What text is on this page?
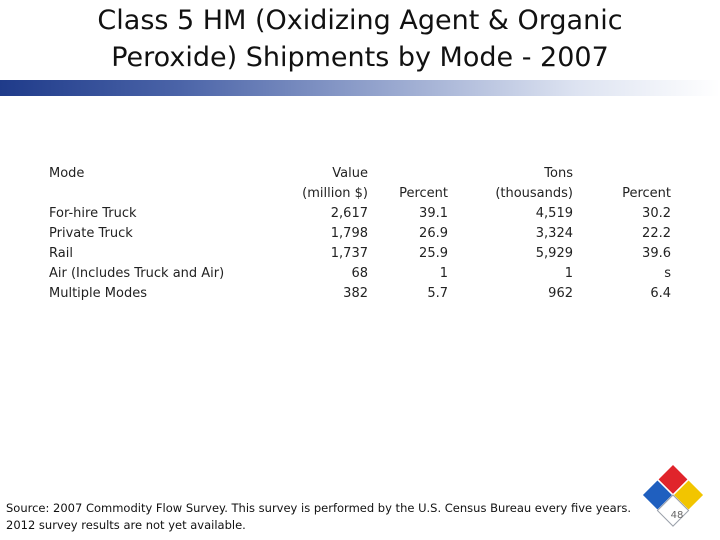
Class 5 HM (Oxidizing Agent & Organic
Peroxide) Shipments by Mode - 2007
Mode
For-hire Truck
Private Truck
Rail
Air (Includes Truck and Air)
Multiple Modes
Value
(million $)
2,617
1,798
1,737
68
382
Percent
39.1
26.9
25.9
1
5.7
Tons
(thousands)
4,519
3,324
5,929
1
962
Percent
30.2
22.2
39.6
s
6.4
Source: 2007 Commodity Flow Survey. This survey is performed by the U.S. Census Bureau every five years.
2012 survey results are not yet available.
48
